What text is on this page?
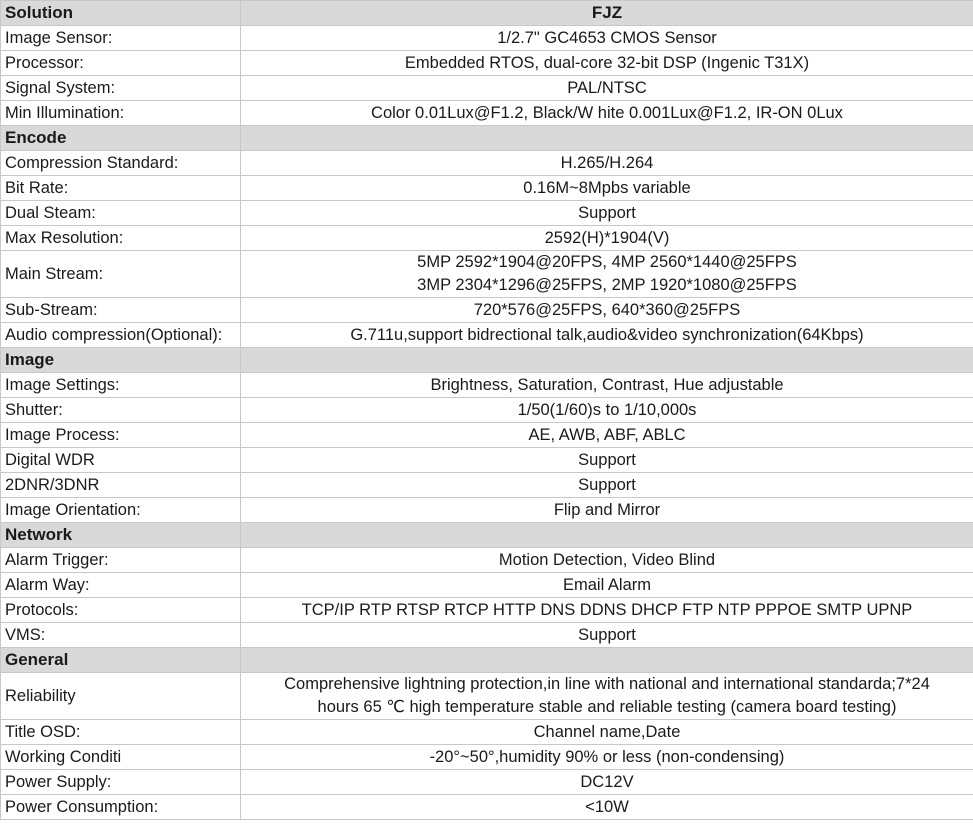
Solution	FJZ
Image Sensor:	1/2.7" GC4653 CMOS Sensor

Processor:	Embedded RTOS, dual-core 32-bit DSP (Ingenic T31X)

Signal System:	PAL/NTSC

Min Illumination:	Color 0.01Lux@F1.2, Black/W hite 0.001Lux@F1.2, IR-ON 0Lux

Encode	
Compression Standard:	H.265/H.264

Bit Rate:	0.16M~8Mpbs variable

Dual Steam:	Support

Max Resolution:	2592(H)*1904(V)

Main Stream:	5MP 2592*1904@20FPS, 4MP 2560*1440@25FPS
3MP 2304*1296@25FPS, 2MP 1920*1080@25FPS

Sub-Stream:	720*576@25FPS, 640*360@25FPS

Audio compression(Optional):	G.711u,support bidrectional talk,audio&video synchronization(64Kbps)

Image	
Image Settings:	Brightness, Saturation, Contrast, Hue adjustable

Shutter:	1/50(1/60)s to 1/10,000s

Image Process:	AE, AWB, ABF, ABLC

Digital WDR	Support

2DNR/3DNR	Support

Image Orientation:	Flip and Mirror

Network	
Alarm Trigger:	Motion Detection, Video Blind

Alarm Way:	Email Alarm

Protocols:	TCP/IP RTP RTSP RTCP HTTP DNS DDNS DHCP FTP NTP PPPOE SMTP UPNP

VMS:	Support

General	
Reliability	Comprehensive lightning protection,in line with national and international standarda;7*24
hours 65 ℃ high temperature stable and reliable testing (camera board testing)

Title OSD:	Channel name,Date

Working Conditi	-20°~50°,humidity 90% or less (non-condensing)

Power Supply:	DC12V

Power Consumption:	<10W
